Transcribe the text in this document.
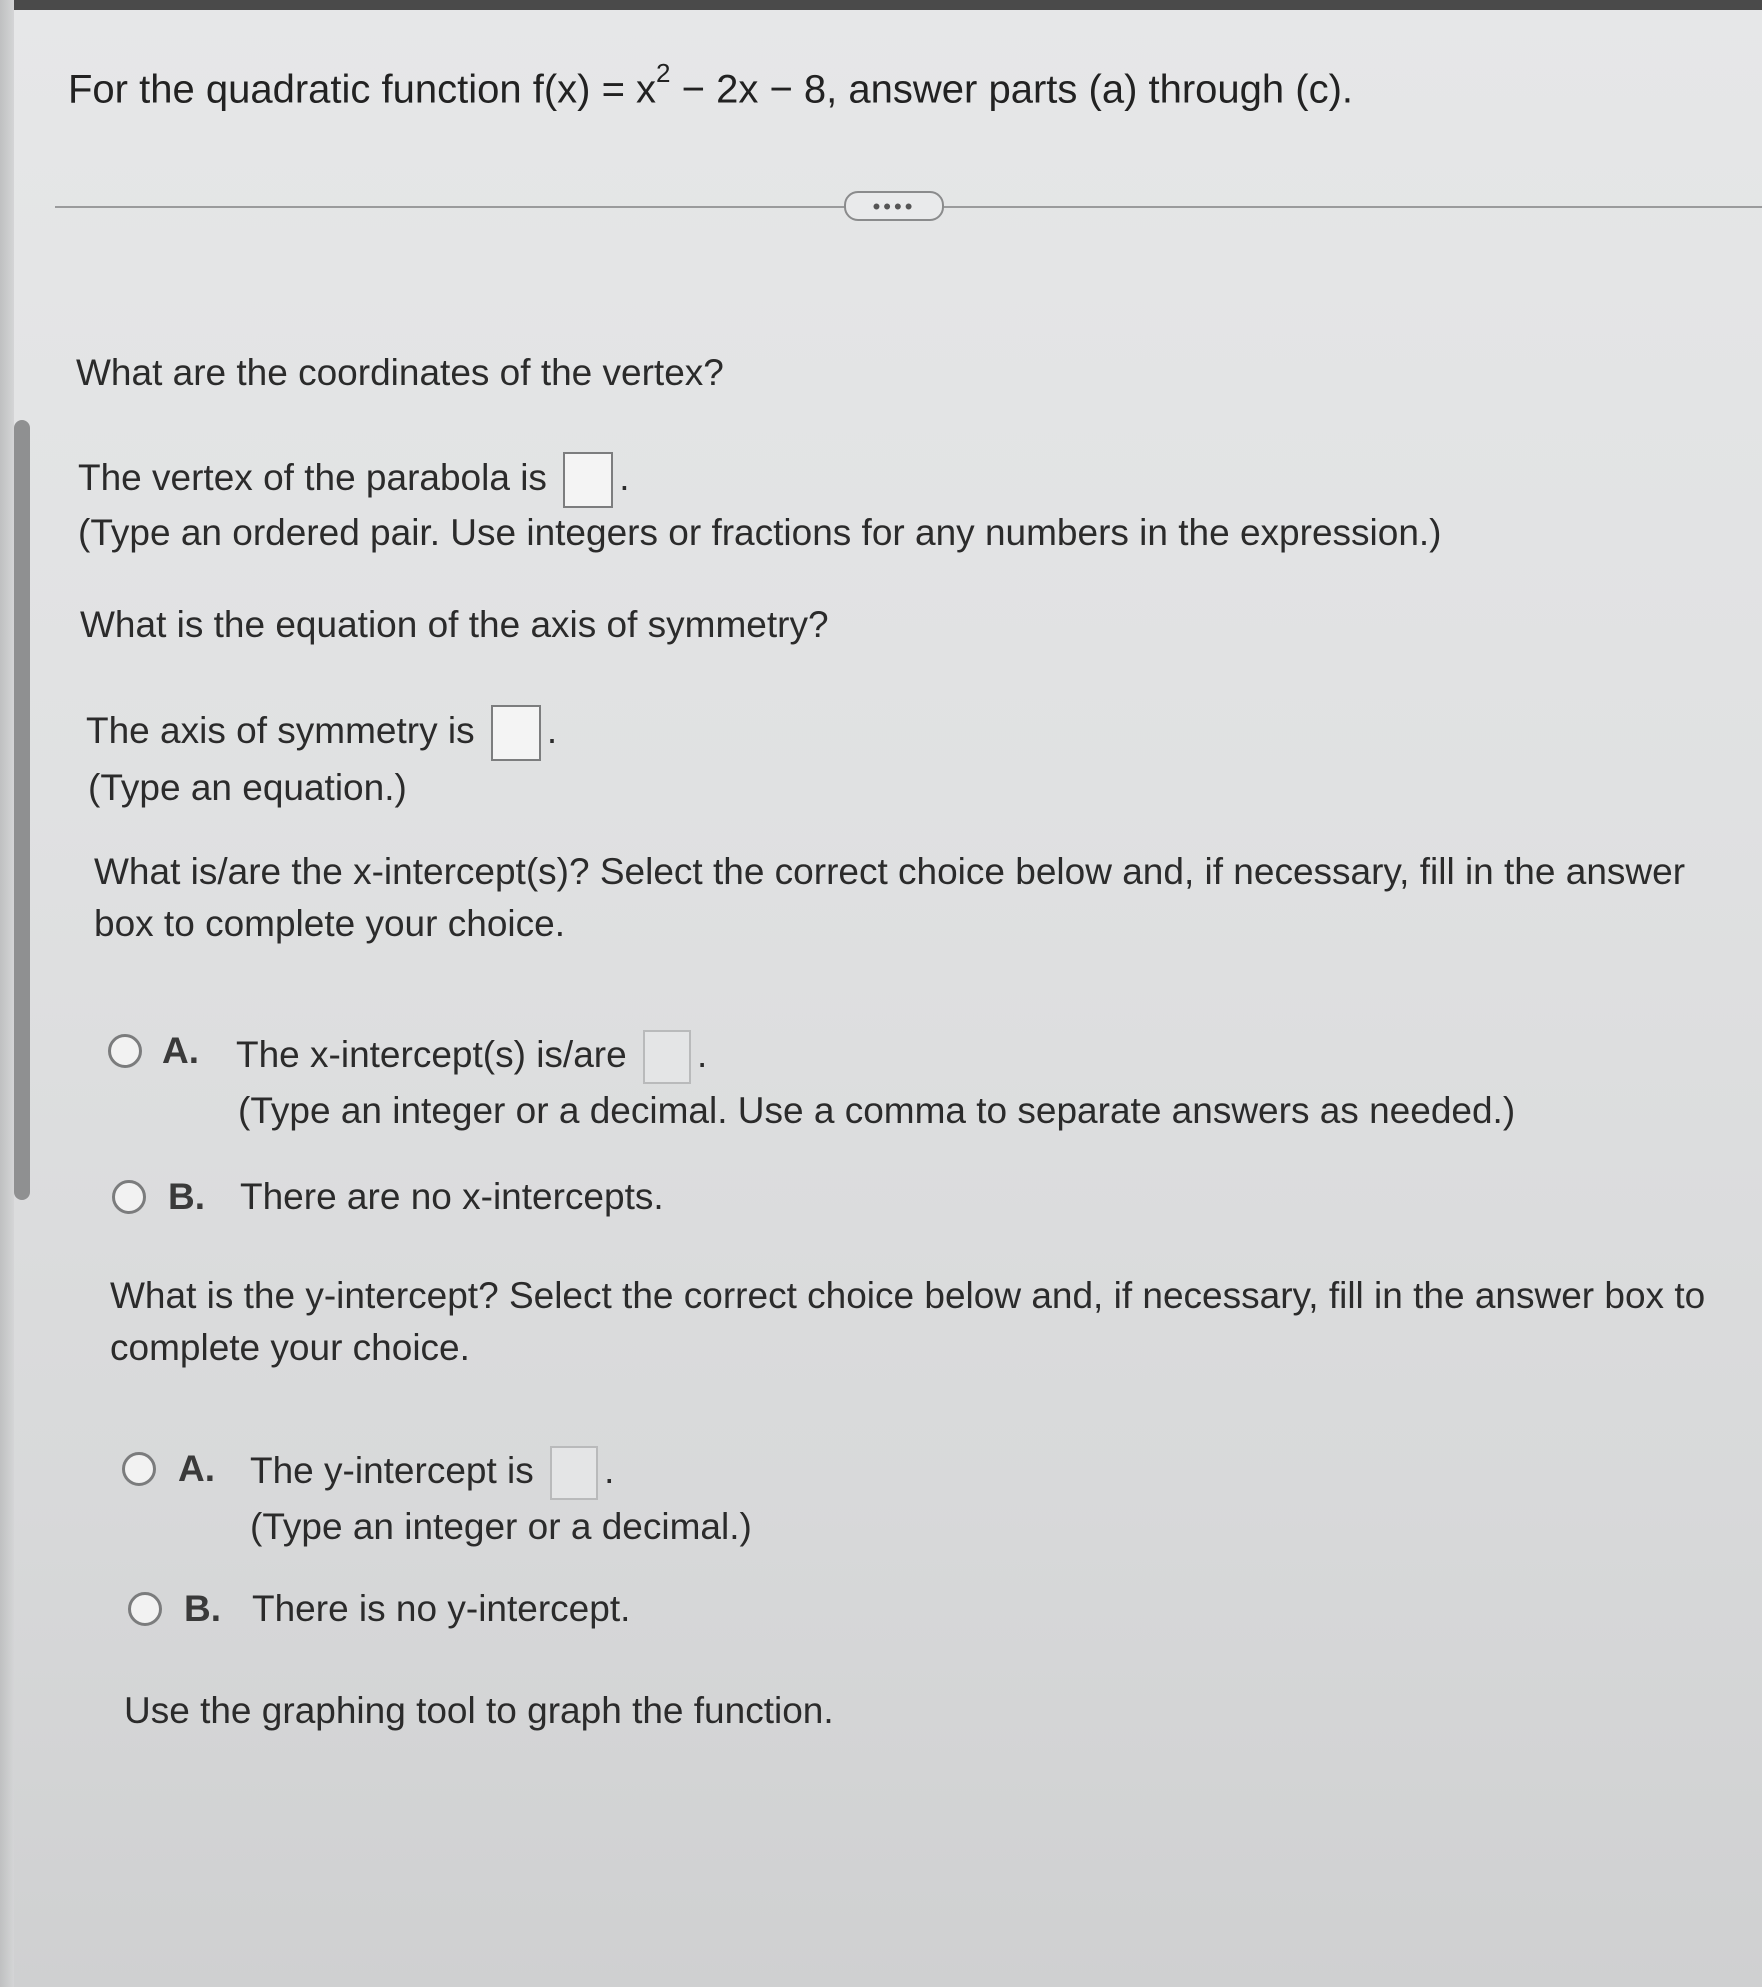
For the quadratic function $f(x) = x^2 - 2x - 8$, answer parts (a) through (c).
••••
What are the coordinates of the vertex?
The vertex of the parabola is .
(Type an ordered pair. Use integers or fractions for any numbers in the expression.)
What is the equation of the axis of symmetry?
The axis of symmetry is .
(Type an equation.)
What is/are the x-intercept(s)? Select the correct choice below and, if necessary, fill in the answer box to complete your choice.
A. The x-intercept(s) is/are .
(Type an integer or a decimal. Use a comma to separate answers as needed.)
B. There are no x-intercepts.
What is the y-intercept? Select the correct choice below and, if necessary, fill in the answer box to complete your choice.
A. The y-intercept is .
(Type an integer or a decimal.)
B. There is no y-intercept.
Use the graphing tool to graph the function.
